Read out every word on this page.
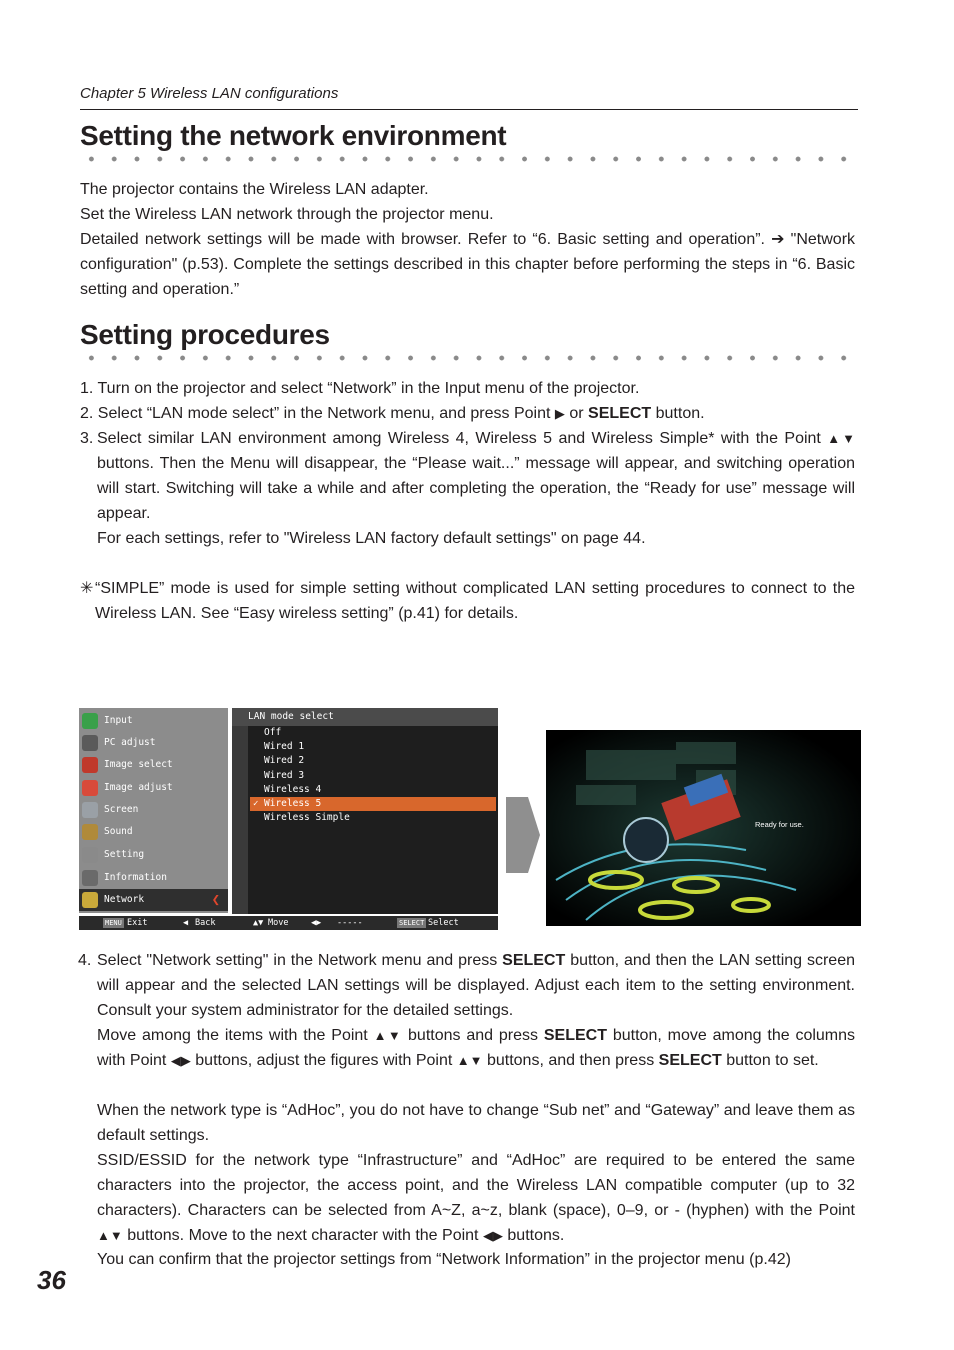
Chapter 5 Wireless LAN configurations
Setting the network environment
The projector contains the Wireless LAN adapter.
Set the Wireless LAN network through the projector menu.
Detailed network settings will be made with browser. Refer to “6. Basic setting and operation”. ➔ "Network configuration" (p.53). Complete the settings described in this chapter before performing the steps in “6. Basic setting and operation.”
Setting procedures
1. Turn on the projector and select “Network” in the Input menu of the projector.
2. Select “LAN mode select” in the Network menu, and press Point ▶ or SELECT button.
3. Select similar LAN environment among Wireless 4, Wireless 5 and Wireless Simple* with the Point ▲▼ buttons. Then the Menu will disappear, the “Please wait...” message will appear, and switching operation will start. Switching will take a while and after completing the operation, the “Ready for use” message will appear.
For each settings, refer to "Wireless LAN factory default settings" on page 44.
✳ “SIMPLE” mode is used for simple setting without complicated LAN setting procedures to connect to the Wireless LAN. See “Easy wireless setting” (p.41) for details.
Input
PC adjust
Image select
Image adjust
Screen
Sound
Setting
Information
Network	❮
LAN mode select
Off
Wired 1
Wired 2
Wired 3
Wireless 4
✓ Wireless 5
Wireless Simple
MENU Exit	◀ Back	▲▼ Move	◀▶ -----	SELECT Select
Ready for use.
4. Select "Network setting" in the Network menu and press SELECT button, and then the LAN setting screen will appear and the selected LAN settings will be displayed. Adjust each item to the setting environment. Consult your system administrator for the detailed settings.
Move among the items with the Point ▲▼ buttons and press SELECT button, move among the columns with Point ◀▶ buttons, adjust the figures with Point ▲▼ buttons, and then press SELECT button to set.
When the network type is “AdHoc”, you do not have to change “Sub net” and “Gateway” and leave them as default settings.
SSID/ESSID for the network type “Infrastructure” and “AdHoc” are required to be entered the same characters into the projector, the access point, and the Wireless LAN compatible computer (up to 32 characters). Characters can be selected from A~Z, a~z, blank (space), 0–9, or - (hyphen) with the Point ▲▼ buttons. Move to the next character with the Point ◀▶ buttons.
You can confirm that the projector settings from “Network Information” in the projector menu (p.42)
36
